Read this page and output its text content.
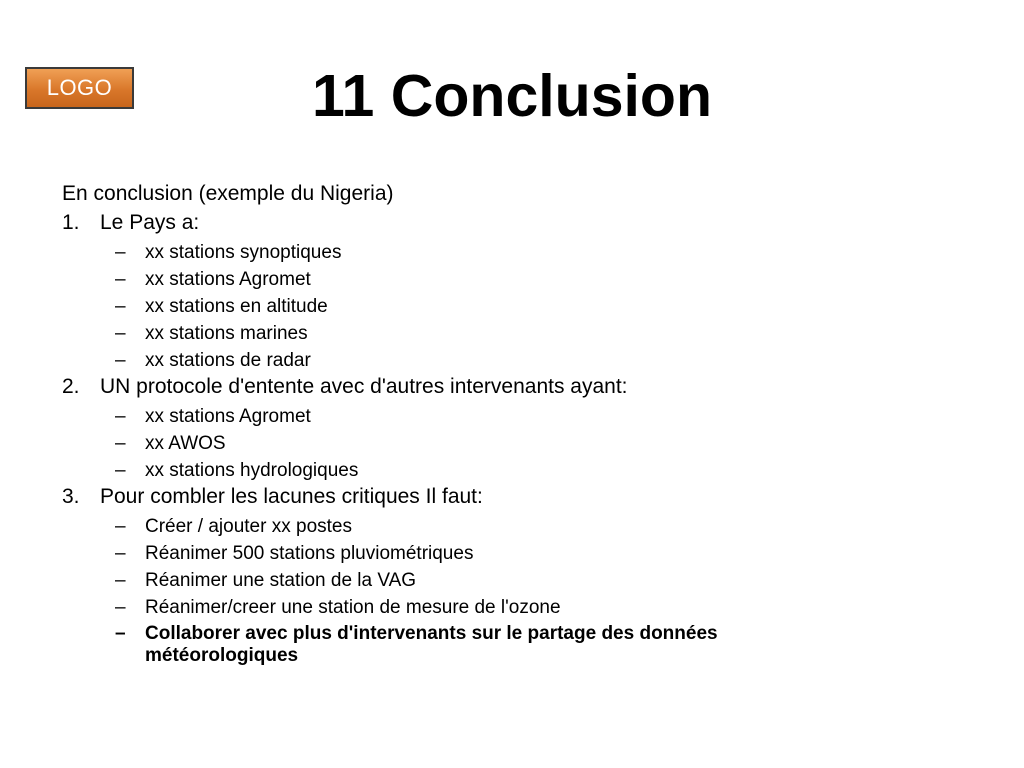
LOGO	11 Conclusion
En conclusion (exemple du Nigeria)
1. Le Pays a:
–	xx stations synoptiques
–	xx stations Agromet
–	xx stations en altitude
–	xx stations marines
–	xx stations de radar
2. UN protocole d'entente avec d'autres intervenants ayant:
–	xx stations Agromet
–	xx AWOS
–	xx stations hydrologiques
3. Pour combler les lacunes critiques Il faut:
–	Créer / ajouter xx postes
–	Réanimer 500 stations pluviométriques
–	Réanimer une station de la VAG
–	Réanimer/creer une station de mesure de l'ozone
–	Collaborer avec plus d'intervenants sur le partage des données météorologiques
